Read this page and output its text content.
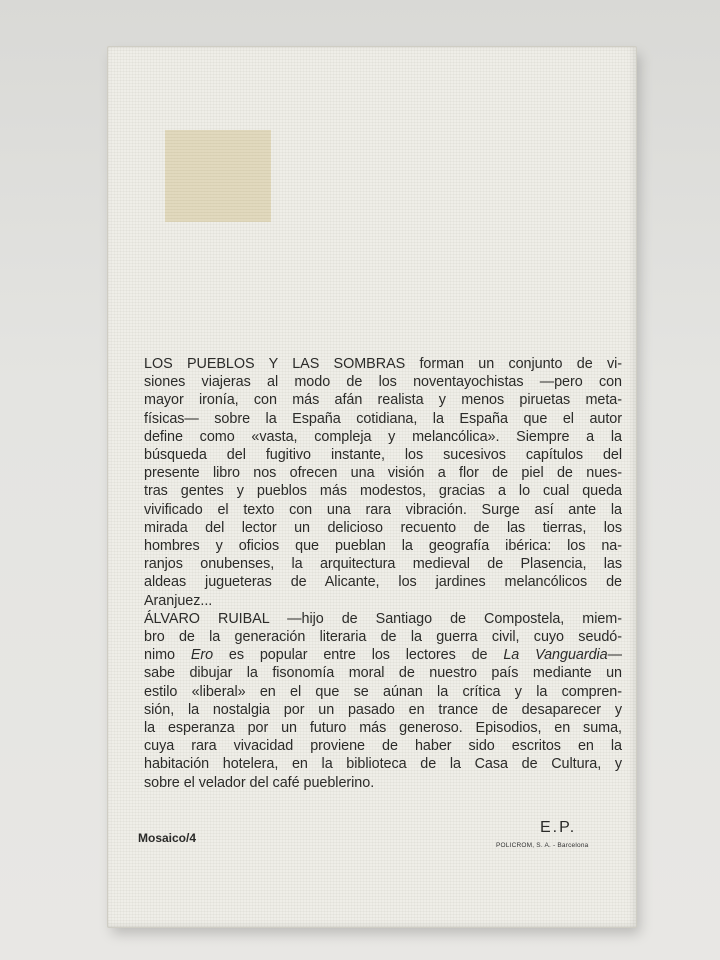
LOS PUEBLOS Y LAS SOMBRAS forman un conjunto de vi-
siones viajeras al modo de los noventayochistas —pero con
mayor ironía, con más afán realista y menos piruetas meta-
físicas— sobre la España cotidiana, la España que el autor
define como «vasta, compleja y melancólica». Siempre a la
búsqueda del fugitivo instante, los sucesivos capítulos del
presente libro nos ofrecen una visión a flor de piel de nues-
tras gentes y pueblos más modestos, gracias a lo cual queda
vivificado el texto con una rara vibración. Surge así ante la
mirada del lector un delicioso recuento de las tierras, los
hombres y oficios que pueblan la geografía ibérica: los na-
ranjos onubenses, la arquitectura medieval de Plasencia, las
aldeas jugueteras de Alicante, los jardines melancólicos de
Aranjuez...

ÁLVARO RUIBAL —hijo de Santiago de Compostela, miem-
bro de la generación literaria de la guerra civil, cuyo seudó-
nimo Ero es popular entre los lectores de La Vanguardia—
sabe dibujar la fisonomía moral de nuestro país mediante un
estilo «liberal» en el que se aúnan la crítica y la compren-
sión, la nostalgia por un pasado en trance de desaparecer y
la esperanza por un futuro más generoso. Episodios, en suma,
cuya rara vivacidad proviene de haber sido escritos en la
habitación hotelera, en la biblioteca de la Casa de Cultura, y
sobre el velador del café pueblerino.

Mosaico/4
E.P.
POLICROM, S. A. - Barcelona
